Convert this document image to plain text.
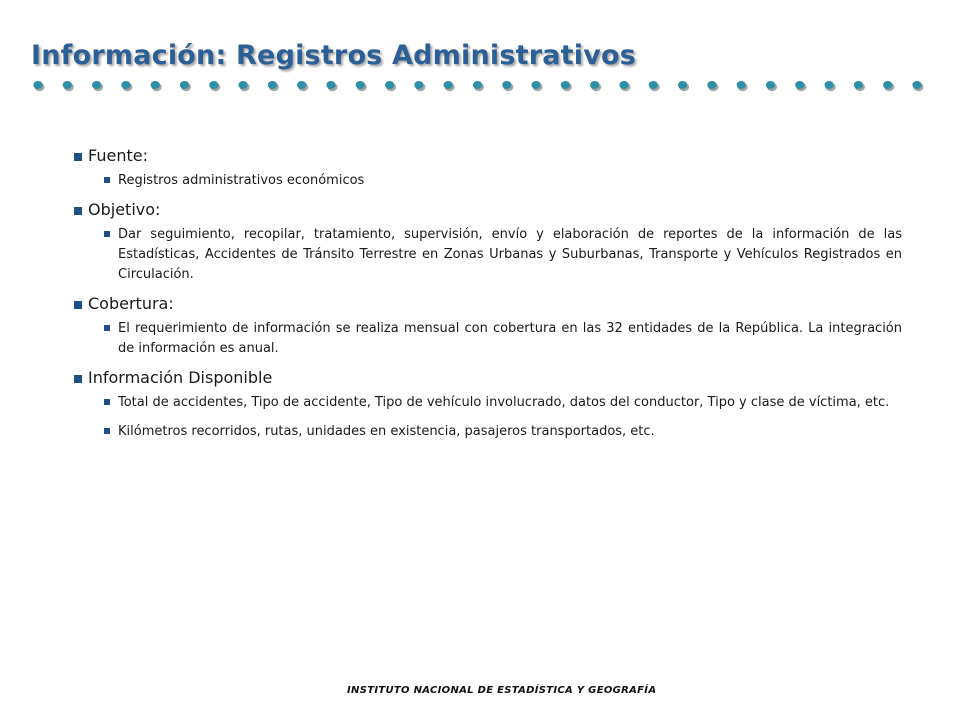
Información: Registros Administrativos
Fuente:
Registros administrativos económicos
Objetivo:
Dar seguimiento, recopilar, tratamiento, supervisión, envío y elaboración de reportes de la información de las Estadísticas, Accidentes de Tránsito Terrestre en Zonas Urbanas y Suburbanas, Transporte y Vehículos Registrados en Circulación.
Cobertura:
El requerimiento de información se realiza mensual con cobertura en las 32 entidades de la República. La integración de información es anual.
Información Disponible
Total de accidentes, Tipo de accidente, Tipo de vehículo involucrado, datos del conductor, Tipo y clase de víctima, etc.
Kilómetros recorridos, rutas, unidades en existencia, pasajeros transportados, etc.
INSTITUTO NACIONAL DE ESTADÍSTICA Y GEOGRAFÍA
